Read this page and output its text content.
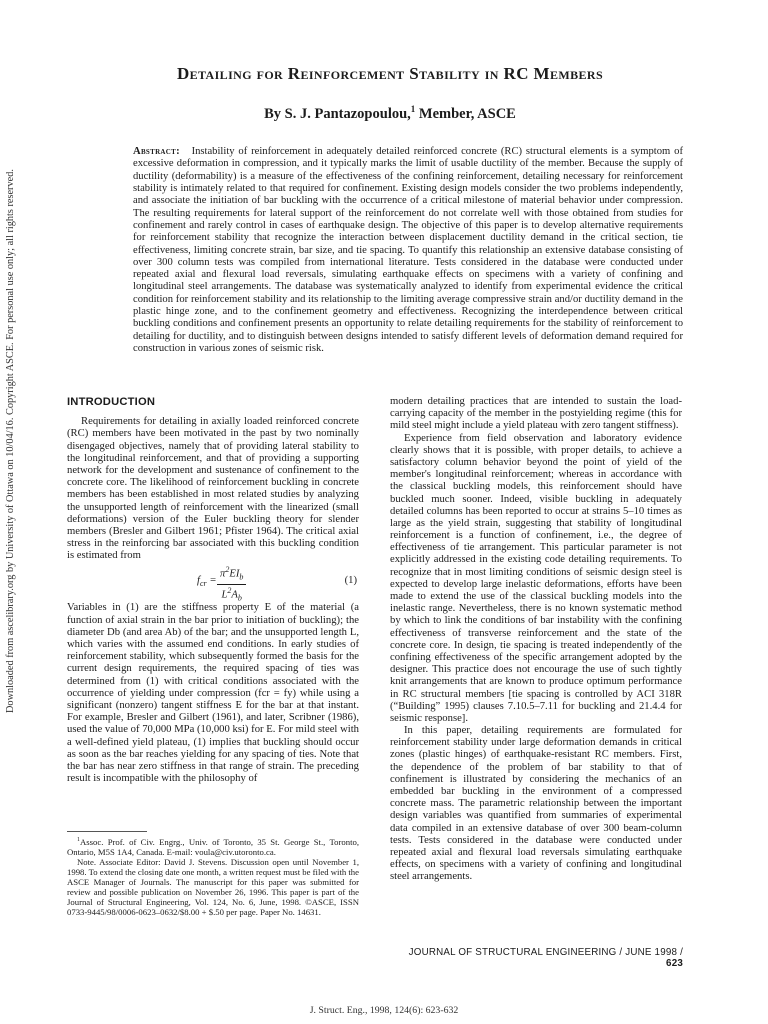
Downloaded from ascelibrary.org by University of Ottawa on 10/04/16. Copyright ASCE. For personal use only; all rights reserved.
Detailing for Reinforcement Stability in RC Members
By S. J. Pantazopoulou,$^1$ Member, ASCE

Abstract: Instability of reinforcement in adequately detailed reinforced concrete (RC) structural elements is a symptom of excessive deformation in compression, and it typically marks the limit of usable ductility of the member. Because the supply of ductility (deformability) is a measure of the effectiveness of the confining reinforcement, detailing necessary for reinforcement stability is intimately related to that required for confinement. Existing design models consider the two problems independently, and associate the initiation of bar buckling with the occurrence of a critical milestone of material behavior under compression. The resulting requirements for lateral support of the reinforcement do not correlate well with those obtained from studies for confinement and rarely control in cases of earthquake design. The objective of this paper is to develop alternative requirements for reinforcement stability that recognize the interaction between displacement ductility demand in the critical section, tie effectiveness, limiting concrete strain, bar size, and tie spacing. To quantify this relationship an extensive database consisting of over 300 column tests was compiled from international literature. Tests considered in the database were conducted under repeated axial and flexural load reversals, simulating earthquake effects on specimens with a variety of confining and longitudinal steel arrangements. The database was systematically analyzed to identify from experimental evidence the critical condition for reinforcement stability and its relationship to the limiting average compressive strain and/or ductility demand in the plastic hinge zone, and to the confinement geometry and effectiveness. Recognizing the interdependence between critical buckling conditions and confinement presents an opportunity to relate detailing requirements for the stability of reinforcement to detailing for ductility, and to distinguish between designs intended to satisfy different levels of deformation demand required for construction in various zones of seismic risk.

INTRODUCTION

Requirements for detailing in axially loaded reinforced concrete (RC) members have been motivated in the past by two nominally disengaged objectives, namely that of providing lateral stability to the longitudinal reinforcement, and that of providing a supporting network for the development and sustenance of confinement to the concrete core. The likelihood of reinforcement buckling in concrete members has been established in most related studies by analyzing the unsupported length of reinforcement with the linearized (small deformations) version of the Euler buckling theory for slender members (Bresler and Gilbert 1961; Pfister 1964). The critical axial stress in the reinforcing bar associated with this buckling condition is estimated from

$f_{cr}$ =
$\pi^2EI_b$
$L^2A_b$
(1)

Variables in (1) are the stiffness property E of the material (a function of axial strain in the bar prior to initiation of buckling); the diameter Db (and area Ab) of the bar; and the unsupported length L, which varies with the assumed end conditions. In early studies of reinforcement stability, which subsequently formed the basis for the current design requirements, the required spacing of ties was determined from (1) with critical conditions associated with the occurrence of yielding under compression (fcr = fy) while using a significant (nonzero) tangent stiffness E for the bar at that instant. For example, Bresler and Gilbert (1961), and later, Scribner (1986), used the value of 70,000 MPa (10,000 ksi) for E. For mild steel with a well-defined yield plateau, (1) implies that buckling should occur as soon as the bar reaches yielding for any spacing of ties. Note that the bar has near zero stiffness in that range of strain. The preceding result is incompatible with the philosophy of

$^1$Assoc. Prof. of Civ. Engrg., Univ. of Toronto, 35 St. George St., Toronto, Ontario, M5S 1A4, Canada. E-mail: voula@civ.utoronto.ca.

Note. Associate Editor: David J. Stevens. Discussion open until November 1, 1998. To extend the closing date one month, a written request must be filed with the ASCE Manager of Journals. The manuscript for this paper was submitted for review and possible publication on November 26, 1996. This paper is part of the Journal of Structural Engineering, Vol. 124, No. 6, June, 1998. ©ASCE, ISSN 0733-9445/98/0006-0623–0632/$8.00 + $.50 per page. Paper No. 14631.

modern detailing practices that are intended to sustain the load-carrying capacity of the member in the postyielding regime (this for mild steel might include a yield plateau with zero tangent stiffness).

Experience from field observation and laboratory evidence clearly shows that it is possible, with proper details, to achieve a satisfactory column behavior beyond the point of yield of the member's longitudinal reinforcement; whereas in accordance with the classical buckling models, this reinforcement should have buckled much sooner. Indeed, visible buckling in adequately detailed columns has been reported to occur at strains 5–10 times as large as the yield strain, suggesting that stability of longitudinal reinforcement is a function of confinement, i.e., the degree of effectiveness of tie arrangement. This particular parameter is not explicitly addressed in the existing code detailing requirements. To recognize that in most limiting conditions of seismic design steel is expected to develop large inelastic deformations, efforts have been made to extend the use of the classical buckling models into the inelastic range. Nevertheless, there is no known systematic method by which to link the conditions of bar instability with the confining effectiveness of transverse reinforcement and the state of the concrete core. In design, tie spacing is treated independently of the confining effectiveness of the specific arrangement adopted by the designer. This practice does not encourage the use of such tightly knit arrangements that are known to produce optimum performance in RC structural members [tie spacing is controlled by ACI 318R (“Building” 1995) clauses 7.10.5–7.11 for buckling and 21.4.4 for seismic response].

In this paper, detailing requirements are formulated for reinforcement stability under large deformation demands in critical zones (plastic hinges) of earthquake-resistant RC members. First, the dependence of the problem of bar stability to that of confinement is illustrated by considering the mechanics of an embedded bar buckling in the environment of a compressed concrete mass. The parametric relationship between the important design variables was quantified from summaries of experimental data compiled in an extensive database of over 300 beam-column tests. Tests considered in the database were conducted under repeated axial and flexural load reversals simulating earthquake effects, on specimens with a variety of confining and longitudinal steel arrangements.

JOURNAL OF STRUCTURAL ENGINEERING / JUNE 1998 / 623
J. Struct. Eng., 1998, 124(6): 623-632
